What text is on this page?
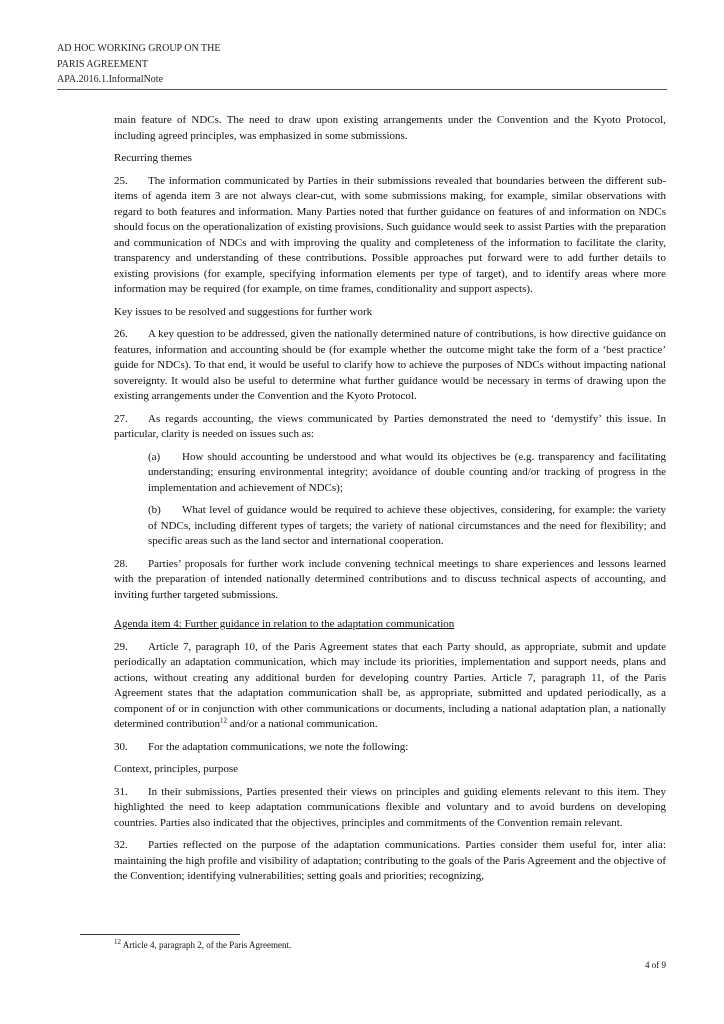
AD HOC WORKING GROUP ON THE
PARIS AGREEMENT
APA.2016.1.InformalNote

main feature of NDCs. The need to draw upon existing arrangements under the Convention and the Kyoto Protocol, including agreed principles, was emphasized in some submissions.

Recurring themes

25. The information communicated by Parties in their submissions revealed that boundaries between the different sub-items of agenda item 3 are not always clear-cut, with some submissions making, for example, similar observations with regard to both features and information. Many Parties noted that further guidance on features of and information on NDCs should focus on the operationalization of existing provisions. Such guidance would seek to assist Parties with the preparation and communication of NDCs and with improving the quality and completeness of the information to facilitate the clarity, transparency and understanding of these contributions. Possible approaches put forward were to add further details to existing provisions (for example, specifying information elements per type of target), and to identify areas where more information may be required (for example, on time frames, conditionality and support aspects).

Key issues to be resolved and suggestions for further work

26. A key question to be addressed, given the nationally determined nature of contributions, is how directive guidance on features, information and accounting should be (for example whether the outcome might take the form of a ‘best practice’ guide for NDCs). To that end, it would be useful to clarify how to achieve the purposes of NDCs without impacting national sovereignty. It would also be useful to determine what further guidance would be necessary in terms of drawing upon the existing arrangements under the Convention and the Kyoto Protocol.

27. As regards accounting, the views communicated by Parties demonstrated the need to ‘demystify’ this issue. In particular, clarity is needed on issues such as:

(a) How should accounting be understood and what would its objectives be (e.g. transparency and facilitating understanding; ensuring environmental integrity; avoidance of double counting and/or tracking of progress in the implementation and achievement of NDCs);

(b) What level of guidance would be required to achieve these objectives, considering, for example: the variety of NDCs, including different types of targets; the variety of national circumstances and the need for flexibility; and specific areas such as the land sector and international cooperation.

28. Parties’ proposals for further work include convening technical meetings to share experiences and lessons learned with the preparation of intended nationally determined contributions and to discuss technical aspects of accounting, and inviting further targeted submissions.

Agenda item 4: Further guidance in relation to the adaptation communication

29. Article 7, paragraph 10, of the Paris Agreement states that each Party should, as appropriate, submit and update periodically an adaptation communication, which may include its priorities, implementation and support needs, plans and actions, without creating any additional burden for developing country Parties. Article 7, paragraph 11, of the Paris Agreement states that the adaptation communication shall be, as appropriate, submitted and updated periodically, as a component of or in conjunction with other communications or documents, including a national adaptation plan, a nationally determined contribution$^{12}$ and/or a national communication.

30. For the adaptation communications, we note the following:

Context, principles, purpose

31. In their submissions, Parties presented their views on principles and guiding elements relevant to this item. They highlighted the need to keep adaptation communications flexible and voluntary and to avoid burdens on developing countries. Parties also indicated that the objectives, principles and commitments of the Convention remain relevant.

32. Parties reflected on the purpose of the adaptation communications. Parties consider them useful for, inter alia: maintaining the high profile and visibility of adaptation; contributing to the goals of the Paris Agreement and the objective of the Convention; identifying vulnerabilities; setting goals and priorities; recognizing,

$^{12}$ Article 4, paragraph 2, of the Paris Agreement.
4 of 9
